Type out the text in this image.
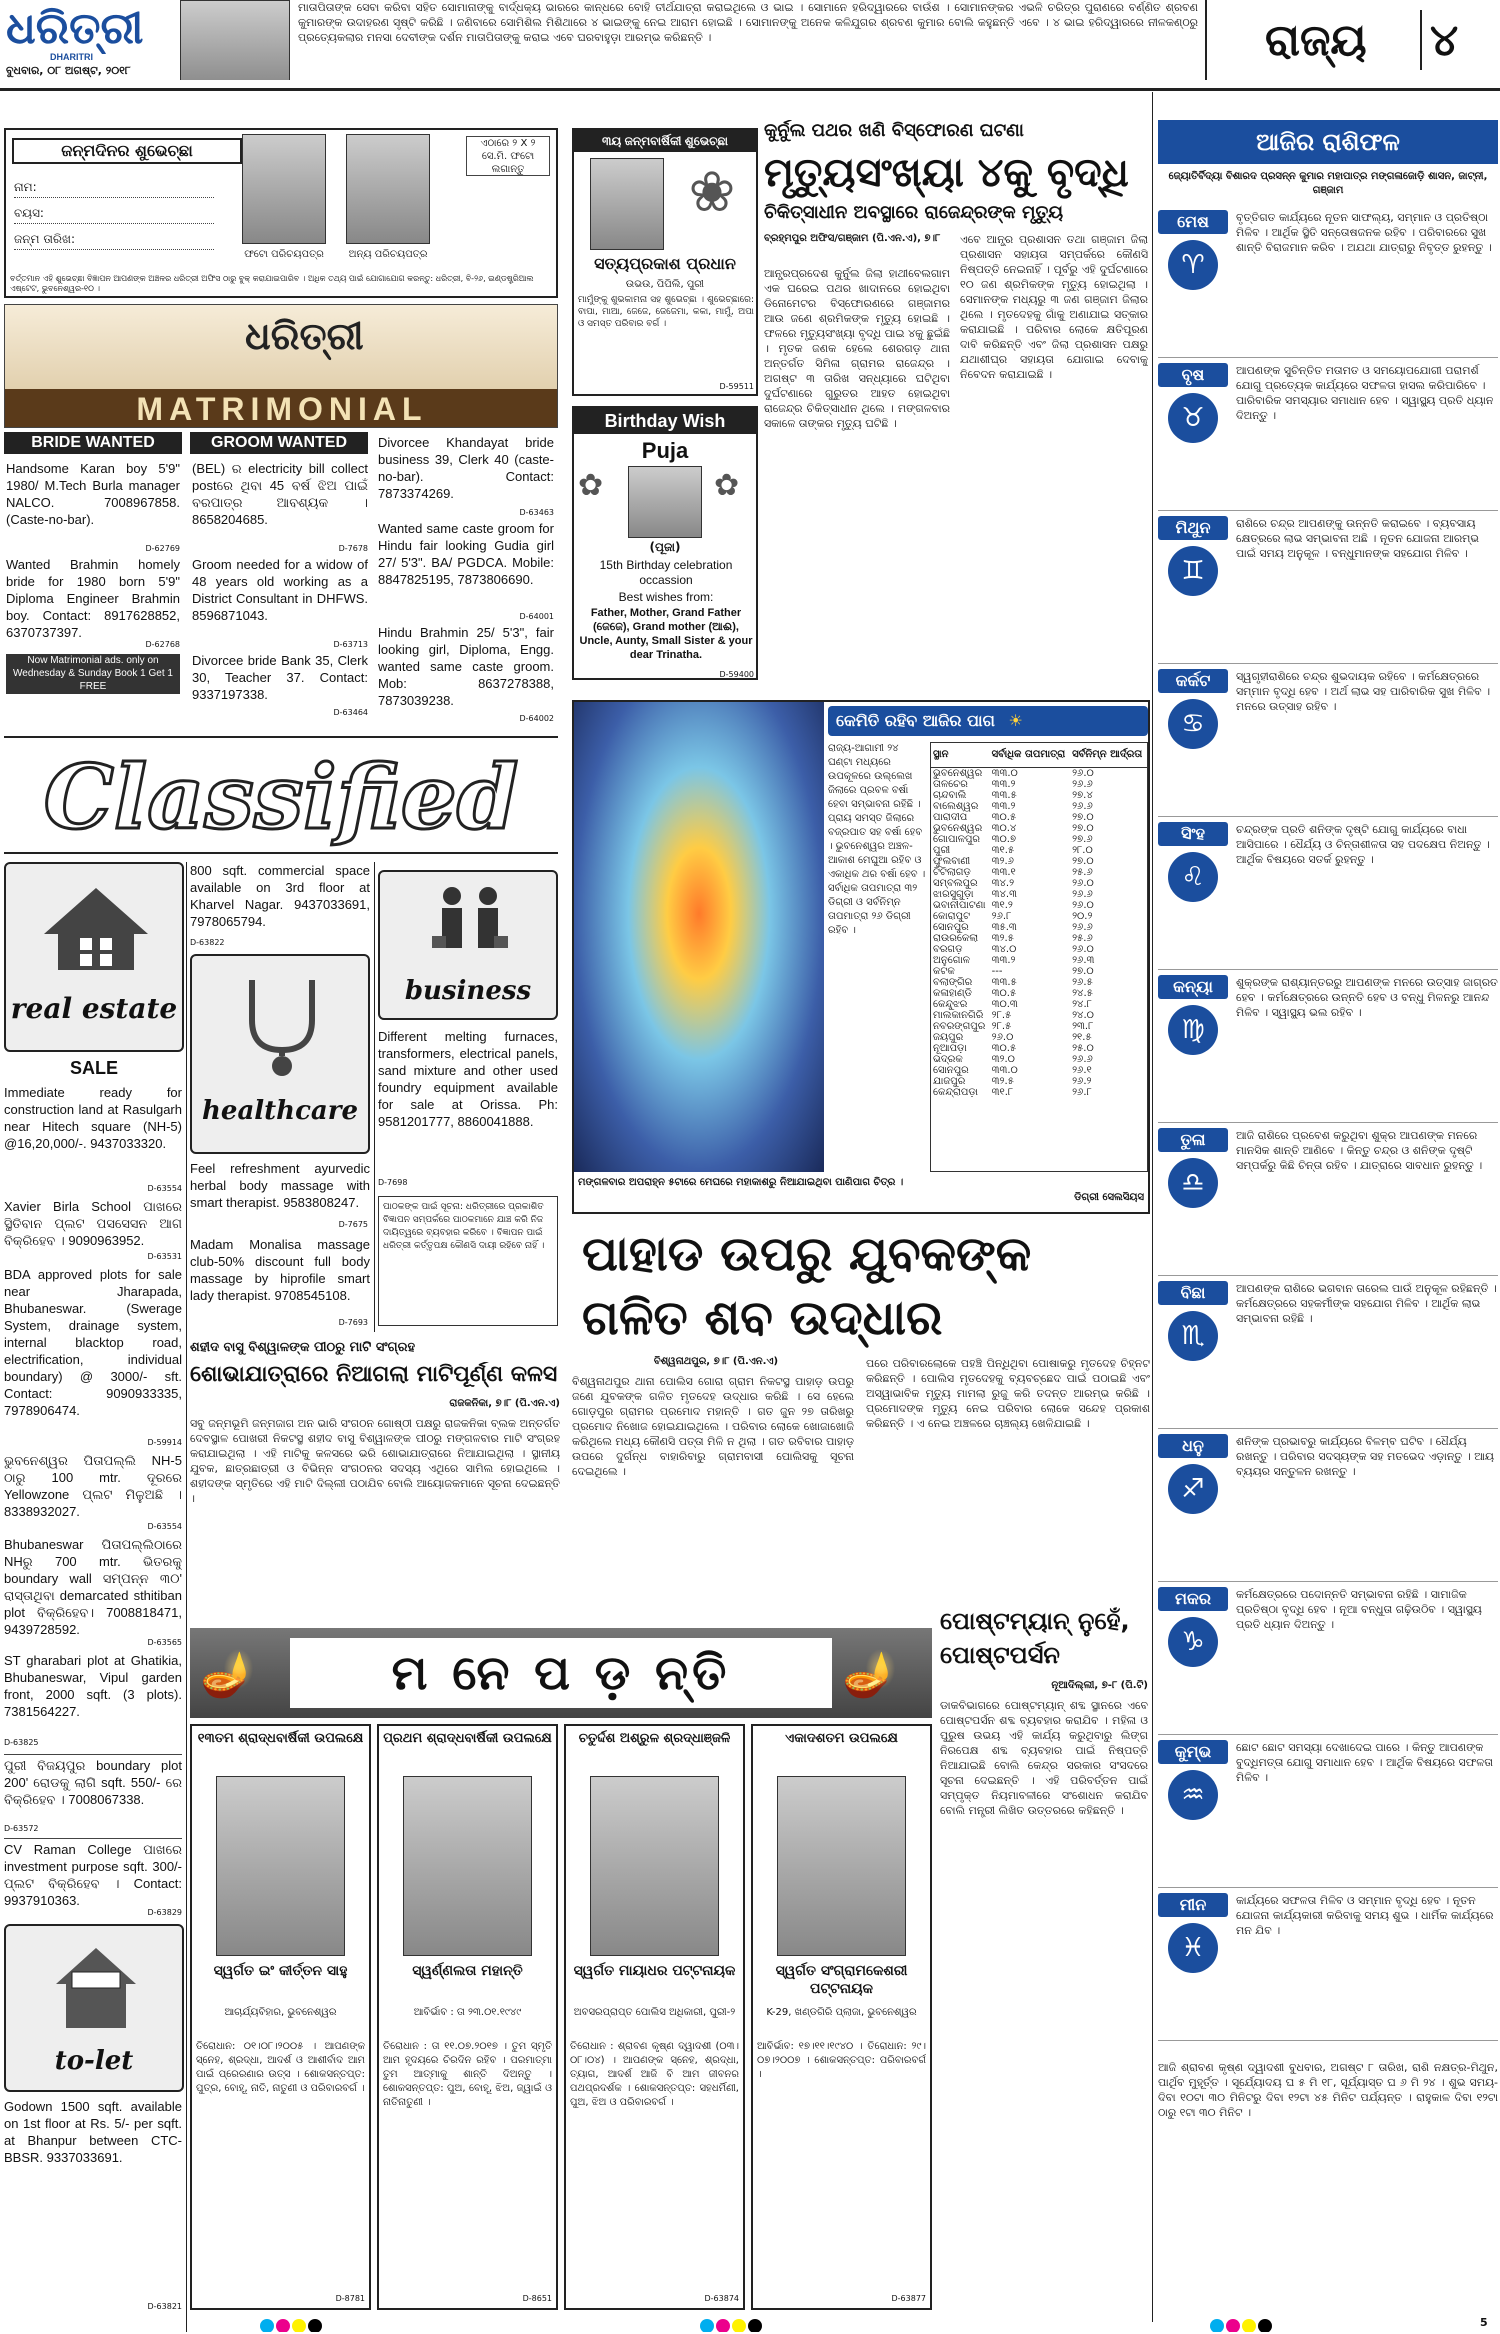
ଧରିତ୍ରୀ
DHARITRI
ବୁଧବାର, ୦୮ ଅଗଷ୍ଟ, ୨୦୧୮
ମାତାପିତାଙ୍କ ସେବା କରିବା ସହିତ ସୋମାନାଙ୍କୁ ବାର୍ଦ୍ଧକ୍ୟ ଭାରରେ କାନ୍ଧରେ ବୋହି ତୀର୍ଥଯାତ୍ରା କରାଇଥିଲେ ଓ ଭାଇ । ସୋମାନେ ହରିଦ୍ୱାରରେ ବାଉଁଶ । ସୋମାନଙ୍କର ଏଭଳି ଚରିତ୍ର ପୁରାଣରେ ବର୍ଣ୍ଣିତ ଶ୍ରବଣ କୁମାରଙ୍କ ଉଦାହରଣ ସୃଷ୍ଟି କରିଛି । ଜଣିବାରେ ସୋମିଶିଲ ମିଶିଥାରେ ୪ ଭାଇଙ୍କୁ ନେଇ ଆରାମ ହୋଇଛି । ସୋମାନଙ୍କୁ ଅନେକ କଳିଯୁଗର ଶ୍ରବଣ କୁମାର ବୋଲି କହୁଛନ୍ତି ଏବେ । ୪ ଭାଇ ହରିଦ୍ୱାରରେ ନୀଳକଣ୍ଠରୁ ପ୍ରତ୍ୟେକଲାର ମନସା ଦେବୀଙ୍କ ଦର୍ଶନ ମାତାପିତାଙ୍କୁ କରାଇ ଏବେ ଘରବାହୁଡ଼ା ଆରମ୍ଭ କରିଛନ୍ତି ।	ରାଜ୍ୟ	୪
ଜନ୍ମଦିନର ଶୁଭେଚ୍ଛା
ନାମ:
ବୟସ:
ଜନ୍ମ ତାରିଖ:
ଫଟୋ ପରିଚୟପତ୍ର ଅନ୍ୟ ପରିଚୟପତ୍ର
ଏଠାରେ ୨ X ୨ ସେ.ମି. ଫଟୋ ଲଗାନ୍ତୁ
ବର୍ତ୍ତମାନ ଏହି ଶୁଭେଚ୍ଛା ବିଜ୍ଞାପନ ଆପଣଙ୍କ ଅଞ୍ଚଳର ଧରିତ୍ରୀ ଅଫିସ ଠାରୁ ବୁକ୍ କରାଯାଇପାରିବ । ଅଧିକ ତଥ୍ୟ ପାଇଁ ଯୋଗାଯୋଗ କରନ୍ତୁ: ଧରିତ୍ରୀ, ବି-୨୬, ଇଣ୍ଡଷ୍ଟ୍ରିଆଲ ଏଷ୍ଟେଟ, ଭୁବନେଶ୍ୱର-୧୦ ।
ଧରିତ୍ରୀ
MATRIMONIAL
BRIDE WANTED	GROOM WANTED
Handsome Karan boy 5'9" 1980/ M.Tech Burla manager NALCO. 7008967858. (Caste-no-bar).
D-62769
Wanted Brahmin homely bride for 1980 born 5'9" Diploma Engineer Brahmin boy. Contact: 8917628852, 6370737397.
D-62768
Now Matrimonial ads. only on Wednesday & Sunday Book 1 Get 1 FREE
(BEL) ର electricity bill collect postରେ ଥିବା 45 ବର୍ଷ ଝିଅ ପାଇଁ ବରପାତ୍ର ଆବଶ୍ୟକ । 8658204685.
D-7678
Groom needed for a widow of 48 years old working as a District Consultant in DHFWS. 8596871043.
D-63713
Divorcee bride Bank 35, Clerk 30, Teacher 37. Contact: 9337197338.
D-63464
Divorcee Khandayat bride business 39, Clerk 40 (caste-no-bar). Contact: 7873374269.
D-63463
Wanted same caste groom for Hindu fair looking Gudia girl 27/ 5'3". BA/ PGDCA. Mobile: 8847825195, 7873806690.
D-64001
Hindu Brahmin 25/ 5'3", fair looking girl, Diploma, Engg. wanted same caste groom. Mob: 8637278388, 7873039238.
D-64002
Classified
real estate
SALE
Immediate ready for construction land at Rasulgarh near Hitech square (NH-5) @16,20,000/-. 9437033320.
D-63554
Xavier Birla School ପାଖରେ ସ୍ଥିତିବାନ ପ୍ଲଟ ପସସେସନ ଆଗ ବିକ୍ରିହେବ । 9090963952.
D-63531
BDA approved plots for sale near Jharapada, Bhubaneswar. (Swerage System, drainage system, internal blacktop road, electrification, individual boundary) @ 3000/- sft. Contact: 9090933335, 7978906474.
D-59914
ଭୁବନେଶ୍ୱର ପିତାପଲ୍ଲି NH-5 ଠାରୁ 100 mtr. ଦୂରରେ Yellowzone ପ୍ଲଟ ମିଳୁଅଛି । 8338932027.
D-63554
Bhubaneswar ପିତାପଲ୍ଲିଠାରେ NHରୁ 700 mtr. ଭିତରକୁ boundary wall ସମ୍ପନ୍ନ ୩୦' ରାସ୍ତାଥିବା demarcated sthitiban plot ବିକ୍ରିହେବ। 7008818471, 9439728592.
D-63565
ST gharabari plot at Ghatikia, Bhubaneswar, Vipul garden front, 2000 sqft. (3 plots). 7381564227.
D-63825
ପୁରୀ ବିଜୟପୁର boundary plot 200' ରୋଡକୁ ଲାଗି sqft. 550/- ରେ ବିକ୍ରିହେବ । 7008067338.
D-63572
CV Raman College ପାଖରେ investment purpose sqft. 300/- ପ୍ଲଟ ବିକ୍ରିହେବ । Contact: 9937910363.
D-63829
to-let
Godown 1500 sqft. available on 1st floor at Rs. 5/- per sqft. at Bhanpur between CTC-BBSR. 9337033691.
D-63821
800 sqft. commercial space available on 3rd floor at Kharvel Nagar. 9437033691, 7978065794.
D-63822
healthcare
Feel refreshment ayurvedic herbal body massage with smart therapist. 9583808247.
D-7675
Madam Monalisa massage club-50% discount full body massage by hiprofile smart lady therapist. 9708545108.
D-7693
business
Different melting furnaces, transformers, electrical panels, sand mixture and other used foundry equipment available for sale at Orissa. Ph: 9581201777, 8860041888.
D-7698
ପାଠକଙ୍କ ପାଇଁ ସୂଚନା: ଧରିତ୍ରୀରେ ପ୍ରକାଶିତ ବିଜ୍ଞାପନ ସମ୍ପର୍କରେ ପାଠକମାନେ ଯାଞ୍ଚ କରି ନିଜ ଦାୟିତ୍ୱରେ ବ୍ୟବହାର କରିବେ । ବିଜ୍ଞାପନ ପାଇଁ ଧରିତ୍ରୀ କର୍ତ୍ତୃପକ୍ଷ କୌଣସି ଦାୟୀ ରହିବେ ନାହିଁ ।
ଶହୀଦ ବାସୁ ବିଶ୍ୱାଳଙ୍କ ପୀଠରୁ ମାଟି ସଂଗ୍ରହ
ଶୋଭାଯାତ୍ରାରେ ନିଆଗଲା ମାଟିପୂର୍ଣ୍ଣ କଳସ
ରାଜକନିକା, ୭।୮ (ପି.ଏନ.ଏ)
ସବୁ ଜନ୍ମଭୂମି ଜନ୍ମଜାଗ ଅନ ଭାରି ସଂଗଠନ ଗୋଷ୍ଠୀ ପକ୍ଷରୁ ରାଜକନିକା ବ୍ଲକ ଅନ୍ତର୍ଗତ ଦେବସ୍ଥାଳ ପୋଖରୀ ନିକଟସ୍ଥ ଶହୀଦ ବାସୁ ବିଶ୍ୱାଳଙ୍କ ପୀଠରୁ ମଙ୍ଗଳବାର ମାଟି ସଂଗ୍ରହ କରାଯାଇଥିଲା । ଏହି ମାଟିକୁ କଳସରେ ଭରି ଶୋଭାଯାତ୍ରାରେ ନିଆଯାଇଥିଲା । ସ୍ଥାନୀୟ ଯୁବକ, ଛାତ୍ରଛାତ୍ରୀ ଓ ବିଭିନ୍ନ ସଂଗଠନର ସଦସ୍ୟ ଏଥିରେ ସାମିଲ ହୋଇଥିଲେ । ଶହୀଦଙ୍କ ସ୍ମୃତିରେ ଏହି ମାଟି ଦିଲ୍ଲୀ ପଠାଯିବ ବୋଲି ଆୟୋଜକମାନେ ସୂଚନା ଦେଇଛନ୍ତି ।
୩ୟ ଜନ୍ମବାର୍ଷିକୀ ଶୁଭେଚ୍ଛା
❀
ସତ୍ୟପ୍ରକାଶ ପ୍ରଧାନ
ଉଭଉ, ପିପିଲି, ପୁରୀ
ମାମୁଁଙ୍କୁ ଶୁଭକାମନା ସହ ଶୁଭେଚ୍ଛା । ଶୁଭେଚ୍ଛାରେ: ବାପା, ମାଆ, ଜେଜେ, ଜେଜେମା, କକା, ମାମୁଁ, ଅପା ଓ ସମସ୍ତ ପରିବାର ବର୍ଗ ।
D-59511
Birthday Wish
Puja
✿	✿
(ପୂଜା)
15th Birthday celebration occassion
Best wishes from:
Father, Mother, Grand Father (ଜେଜେ), Grand mother (ଆଈ), Uncle, Aunty, Small Sister & your dear Trinatha.
D-59400
କୁର୍ନୁଲ ପଥର ଖଣି ବିସ୍ଫୋରଣ ଘଟଣା
ମୃତ୍ୟୁସଂଖ୍ୟା ୪କୁ ବୃଦ୍ଧି
ଚିକିତ୍ସାଧୀନ ଅବସ୍ଥାରେ ରାଜେନ୍ଦ୍ରଙ୍କ ମୃତ୍ୟୁ
ବ୍ରହ୍ମପୁର ଅଫିସ/ଗଞ୍ଜାମ (ପି.ଏନ.ଏ), ୭।୮
ଆନ୍ଧ୍ରପ୍ରଦେଶ କୁର୍ନୁଲ ଜିଲା ହାଥୀବେଲଗାମ ଏକ ଘରେଇ ପଥର ଖାଦାନରେ ହୋଇଥିବା ଡିନୋମେଟର ବିସ୍ଫୋରଣରେ ଗଞ୍ଜାମର ଆଉ ଜଣେ ଶ୍ରମିକଙ୍କ ମୃତ୍ୟୁ ହୋଇଛି । ଫଳରେ ମୃତ୍ୟୁସଂଖ୍ୟା ବୃଦ୍ଧି ପାଇ ୪କୁ ଛୁଇଁଛି । ମୃତକ ଜଣକ ହେଲେ ଶେରଗଡ଼ ଥାନା ଅନ୍ତର୍ଗତ ସିମିଳା ଗ୍ରାମର ରାଜେନ୍ଦ୍ର । ଅଗଷ୍ଟ ୩ ତାରିଖ ସନ୍ଧ୍ୟାରେ ଘଟିଥିବା ଦୁର୍ଘଟଣାରେ ଗୁରୁତର ଆହତ ହୋଇଥିବା ରାଜେନ୍ଦ୍ର ଚିକିତ୍ସାଧୀନ ଥିଲେ । ମଙ୍ଗଳବାର ସକାଳେ ତାଙ୍କର ମୃତ୍ୟୁ ଘଟିଛି ।
ଏବେ ଆନ୍ଧ୍ର ପ୍ରଶାସନ ତଥା ଗଞ୍ଜାମ ଜିଲା ପ୍ରଶାସନ ସହାୟତା ସମ୍ପର୍କରେ କୌଣସି ନିଷ୍ପତ୍ତି ନେଇନାହିଁ । ପୂର୍ବରୁ ଏହି ଦୁର୍ଘଟଣାରେ ୧୦ ଜଣ ଶ୍ରମିକଙ୍କ ମୃତ୍ୟୁ ହୋଇଥିଲା । ସେମାନଙ୍କ ମଧ୍ୟରୁ ୩ ଜଣ ଗଞ୍ଜାମ ଜିଲାର ଥିଲେ । ମୃତଦେହକୁ ଗାଁକୁ ଅଣାଯାଇ ସତ୍କାର କରାଯାଇଛି । ପରିବାର ଲୋକେ କ୍ଷତିପୂରଣ ଦାବି କରିଛନ୍ତି ଏବଂ ଜିଲା ପ୍ରଶାସନ ପକ୍ଷରୁ ଯଥାଶୀଘ୍ର ସହାୟତା ଯୋଗାଇ ଦେବାକୁ ନିବେଦନ କରାଯାଇଛି ।
କେମିତି ରହିବ ଆଜିର ପାଗ ☀
ରାଜ୍ୟ-ଆଗାମୀ ୨୪ ଘଣ୍ଟା ମଧ୍ୟରେ ଉପକୂଳରେ ଉଲ୍ଲେଖ ଜିଲାରେ ପ୍ରବଳ ବର୍ଷା ହେବା ସମ୍ଭାବନା ରହିଛି । ପ୍ରାୟ ସମସ୍ତ ଜିଲାରେ ବଜ୍ରପାତ ସହ ବର୍ଷା ହେବ । ଭୁବନେଶ୍ୱର ଅଞ୍ଚଳ- ଆକାଶ ମେଘୁଆ ରହିବ ଓ ଏକାଧିକ ଥର ବର୍ଷା ହେବ । ସର୍ବାଧିକ ତାପମାତ୍ରା ୩୨ ଡିଗ୍ରୀ ଓ ସର୍ବନିମ୍ନ ତାପମାତ୍ରା ୨୬ ଡିଗ୍ରୀ ରହିବ ।
ସ୍ଥାନ	ସର୍ବାଧିକ ତାପମାତ୍ରା	ସର୍ବନିମ୍ନ ଆର୍ଦ୍ରତା
ଭୁବନେଶ୍ୱର	୩୩.୦	୨୬.୦
ତାଳଚେର	୩୩.୨	୨୬.୬
ଚାନ୍ଦବାଲି	୩୩.୫	୨୭.୪
ବାଲେଶ୍ୱର	୩୩.୨	୨୬.୬
ପାରାଦୀପ	୩୦.୫	୨୭.୦
ଭୁବନେଶ୍ୱର	୩୦.୪	୨୭.୦
ଗୋପାଳପୁର	୩୦.୭	୨୭.୬
ପୁରୀ	୩୧.୫	୨୮.୦
ଫୁଲବାଣୀ	୩୨.୬	୨୭.୦
ଟିଟିଲାଗଡ଼	୩୩.୧	୨୫.୬
ସମ୍ବଲପୁର	୩୪.୨	୨୬.୦
ଝାରସୁଗୁଡ଼ା	୩୪.୩	୨୬.୬
ଭବାନୀପାଟଣା	୩୧.୨	୨୬.୦
କୋରାପୁଟ	୨୬.୮	୨୦.୨
ସୋନପୁର	୩୫.୩	୨୬.୬
ରାଉରକେଲା	୩୨.୫	୨୫.୬
ବରଗଡ଼	୩୪.୦	୨୬.୦
ଅନୁଗୋଳ	୩୩.୨	୨୬.୩
କଟକ	---	୨୭.୦
ବଲାଙ୍ଗିର	୩୩.୫	୨୬.୫
କଳାହାଣ୍ଡି	୩୦.୫	୨୪.୫
କେନ୍ଦୁଝର	୩୦.୩	୨୪.୮
ମାଲକାନଗିରି	୨୮.୫	୨୪.୦
ନବରଙ୍ଗପୁର	୨୮.୫	୨୩.୮
ଜୟପୁର	୨୬.୦	୨୧.୫
ନୂଆପଡ଼ା	୩୦.୫	୨୫.୦
ଭଦ୍ରକ	୩୨.୦	୨୬.୬
ସୋନପୁର	୩୩.୦	୨୬.୧
ଯାଜପୁର	୩୨.୫	୨୬.୨
କେନ୍ଦ୍ରାପଡ଼ା	୩୧.୮	୨୬.୮
ମଙ୍ଗଳବାର ଅପରାହ୍ନ ୫ଟାରେ ମେଘରେ ମହାକାଶରୁ ନିଆଯାଇଥିବା ପାଣିପାଗ ଚିତ୍ର ।
ଡିଗ୍ରୀ ସେଲସିୟସ
ପାହାଡ ଉପରୁ ଯୁବକଙ୍କ
ଗଳିତ ଶବ ଉଦ୍ଧାର
ବିଶ୍ୱନାଥପୁର, ୭।୮ (ପି.ଏନ.ଏ)
ବିଶ୍ୱନାଥପୁର ଥାନା ପୋଲିସ ଗୋରା ଗ୍ରାମ ନିକଟସ୍ଥ ପାହାଡ଼ ଉପରୁ ଜଣେ ଯୁବକଙ୍କ ଗଳିତ ମୃତଦେହ ଉଦ୍ଧାର କରିଛି । ସେ ହେଲେ ଗୋଡ଼ପୁର ଗ୍ରାମର ପ୍ରମୋଦ ମହାନ୍ତି । ଗତ ଜୁନ ୨୭ ତାରିଖରୁ ପ୍ରମୋଦ ନିଖୋଜ ହୋଇଯାଇଥିଲେ । ପରିବାର ଲୋକେ ଖୋଜାଖୋଜି କରିଥିଲେ ମଧ୍ୟ କୌଣସି ପତ୍ତା ମିଳି ନ ଥିଲା । ଗତ ରବିବାର ପାହାଡ଼ ଉପରେ ଦୁର୍ଗନ୍ଧ ବାହାରିବାରୁ ଗ୍ରାମବାସୀ ପୋଲିସକୁ ସୂଚନା ଦେଇଥିଲେ ।
ପରେ ପରିବାରଲୋକେ ପହଞ୍ଚି ପିନ୍ଧିଥିବା ପୋଷାକରୁ ମୃତଦେହ ଚିହ୍ନଟ କରିଛନ୍ତି । ପୋଲିସ ମୃତଦେହକୁ ବ୍ୟବଚ୍ଛେଦ ପାଇଁ ପଠାଇଛି ଏବଂ ଅସ୍ୱାଭାବିକ ମୃତ୍ୟୁ ମାମଲା ରୁଜୁ କରି ତଦନ୍ତ ଆରମ୍ଭ କରିଛି । ପ୍ରମୋଦଙ୍କ ମୃତ୍ୟୁ ନେଇ ପରିବାର ଲୋକେ ସନ୍ଦେହ ପ୍ରକାଶ କରିଛନ୍ତି । ଏ ନେଇ ଅଞ୍ଚଳରେ ଚାଞ୍ଚଲ୍ୟ ଖେଳିଯାଇଛି ।
ପୋଷ୍ଟମ୍ୟାନ୍ ନୁହେଁ, ପୋଷ୍ଟପର୍ସନ
ନୂଆଦିଲ୍ଲୀ, ୭-୮ (ପି.ଟି)
ଡାକବିଭାଗରେ ପୋଷ୍ଟମ୍ୟାନ୍ ଶବ୍ଦ ସ୍ଥାନରେ ଏବେ ପୋଷ୍ଟପର୍ସନ ଶବ୍ଦ ବ୍ୟବହାର କରାଯିବ । ମହିଳା ଓ ପୁରୁଷ ଉଭୟ ଏହି କାର୍ଯ୍ୟ କରୁଥିବାରୁ ଲିଙ୍ଗ ନିରପେକ୍ଷ ଶବ୍ଦ ବ୍ୟବହାର ପାଇଁ ନିଷ୍ପତ୍ତି ନିଆଯାଇଛି ବୋଲି କେନ୍ଦ୍ର ସରକାର ସଂସଦରେ ସୂଚନା ଦେଇଛନ୍ତି । ଏହି ପରିବର୍ତ୍ତନ ପାଇଁ ସମ୍ପୃକ୍ତ ନିୟମାବଳୀରେ ସଂଶୋଧନ କରାଯିବ ବୋଲି ମନ୍ତ୍ରୀ ଲିଖିତ ଉତ୍ତରରେ କହିଛନ୍ତି ।
🪔	ମ ନେ ପ ଡ଼ ନ୍ତି	🪔
୧୩ତମ ଶ୍ରାଦ୍ଧବାର୍ଷିକୀ ଉପଲକ୍ଷେ
ସ୍ୱର୍ଗତ ଇଂ କୀର୍ତ୍ତନ ସାହୁ
ଆଚାର୍ଯ୍ୟବିହାର, ଭୁବନେଶ୍ୱର
ତିରୋଧାନ: ୦୧।୦୮।୨୦୦୫ । ଆପଣଙ୍କ ସ୍ନେହ, ଶ୍ରଦ୍ଧା, ଆଦର୍ଶ ଓ ଆଶୀର୍ବାଦ ଆମ ପାଇଁ ପ୍ରେରଣାର ଉତ୍ସ । ଶୋକସନ୍ତପ୍ତ: ପୁତ୍ର, ବୋହୂ, ନାତି, ନାତୁଣୀ ଓ ପରିବାରବର୍ଗ ।
D-8781
ପ୍ରଥମ ଶ୍ରାଦ୍ଧବାର୍ଷିକୀ ଉପଲକ୍ଷେ
ସ୍ୱର୍ଣ୍ଣଲତା ମହାନ୍ତି
ଆବିର୍ଭାବ : ତା ୨୩.୦୧.୧୯୪୯
ତିରୋଧାନ : ତା ୧୧.୦୭.୨୦୧୭ । ତୁମ ସ୍ମୃତି ଆମ ହୃଦୟରେ ଚିରଦିନ ରହିବ । ପରମାତ୍ମା ତୁମ ଆତ୍ମାକୁ ଶାନ୍ତି ଦିଅନ୍ତୁ । ଶୋକସନ୍ତପ୍ତ: ପୁଅ, ବୋହୂ, ଝିଅ, ଜ୍ୱାଇଁ ଓ ନାତିନାତୁଣୀ ।
D-8651
ଚତୁର୍ଦ୍ଦଶ ଅଶ୍ରୁଳ ଶ୍ରଦ୍ଧାଞ୍ଜଳି
ସ୍ୱର୍ଗତ ମାୟାଧର ପଟ୍ଟନାୟକ
ଅବସରପ୍ରାପ୍ତ ପୋଲିସ ଅଧିକାରୀ, ପୁରୀ-୨
ତିରୋଧାନ : ଶ୍ରାବଣ କୃଷ୍ଣ ଦ୍ୱାଦଶୀ (୦୩।୦୮।୦୪) । ଆପଣଙ୍କ ସ୍ନେହ, ଶ୍ରଦ୍ଧା, ତ୍ୟାଗ, ଆଦର୍ଶ ଆଜି ବି ଆମ ଜୀବନର ପଥପ୍ରଦର୍ଶକ । ଶୋକସନ୍ତପ୍ତ: ସହଧର୍ମିଣୀ, ପୁଅ, ଝିଅ ଓ ପରିବାରବର୍ଗ ।
D-63874
ଏକାଦଶତମ ଉପଲକ୍ଷେ
ସ୍ୱର୍ଗତ ସଂଗ୍ରାମକେଶରୀ ପଟ୍ଟନାୟକ
K-29, ଖଣ୍ଡଗିରି ପ୍ଲାଜା, ଭୁବନେଶ୍ୱର
ଆବିର୍ଭାବ: ୧୭।୧୧।୧୯୪୦ । ତିରୋଧାନ: ୨୯।୦୭।୨୦୦୭ । ଶୋକସନ୍ତପ୍ତ: ପରିବାରବର୍ଗ ।
D-63877
ଆଜିର ରାଶିଫଳ
ଜ୍ୟୋତିର୍ବିଦ୍ୟା ବିଶାରଦ ପ୍ରସନ୍ନ କୁମାର ମହାପାତ୍ର ମଙ୍ଗଳାଜୋଡ଼ି ଶାସନ, ଜାଟ୍ନୀ, ଗଞ୍ଜାମ
ମେଷ
♈
ବୃତ୍ତିଗତ କାର୍ଯ୍ୟରେ ନୂତନ ସାଫଲ୍ୟ, ସମ୍ମାନ ଓ ପ୍ରତିଷ୍ଠା ମିଳିବ । ଆର୍ଥିକ ସ୍ଥିତି ସନ୍ତୋଷଜନକ ରହିବ । ପରିବାରରେ ସୁଖ ଶାନ୍ତି ବିରାଜମାନ କରିବ । ଅଯଥା ଯାତ୍ରାରୁ ନିବୃତ୍ତ ରୁହନ୍ତୁ ।
ବୃଷ
♉
ଆପଣଙ୍କ ସୁଚିନ୍ତିତ ମତାମତ ଓ ସମୟୋପଯୋଗୀ ପରାମର୍ଶ ଯୋଗୁ ପ୍ରତ୍ୟେକ କାର୍ଯ୍ୟରେ ସଫଳତା ହାସଲ କରିପାରିବେ । ପାରିବାରିକ ସମସ୍ୟାର ସମାଧାନ ହେବ । ସ୍ୱାସ୍ଥ୍ୟ ପ୍ରତି ଧ୍ୟାନ ଦିଅନ୍ତୁ ।
ମିଥୁନ
♊
ରାଶିରେ ଚନ୍ଦ୍ର ଆପଣଙ୍କୁ ଉନ୍ନତି କରାଇବେ । ବ୍ୟବସାୟ କ୍ଷେତ୍ରରେ ଲାଭ ସମ୍ଭାବନା ଅଛି । ନୂତନ ଯୋଜନା ଆରମ୍ଭ ପାଇଁ ସମୟ ଅନୁକୂଳ । ବନ୍ଧୁମାନଙ୍କ ସହଯୋଗ ମିଳିବ ।
କର୍କଟ
♋
ସ୍ୱଗୃହୀରାଶିରେ ଚନ୍ଦ୍ର ଶୁଭଦାୟକ ରହିବେ । କର୍ମକ୍ଷେତ୍ରରେ ସମ୍ମାନ ବୃଦ୍ଧି ହେବ । ଅର୍ଥ ଲାଭ ସହ ପାରିବାରିକ ସୁଖ ମିଳିବ । ମନରେ ଉତ୍ସାହ ରହିବ ।
ସିଂହ
♌
ଚନ୍ଦ୍ରଙ୍କ ପ୍ରତି ଶନିଙ୍କ ଦୃଷ୍ଟି ଯୋଗୁ କାର୍ଯ୍ୟରେ ବାଧା ଆସିପାରେ । ଧୈର୍ଯ୍ୟ ଓ ଚିନ୍ତାଶୀଳତା ସହ ପଦକ୍ଷେପ ନିଅନ୍ତୁ । ଆର୍ଥିକ ବିଷୟରେ ସତର୍କ ରୁହନ୍ତୁ ।
କନ୍ୟା
♍
ଶୁକ୍ରଙ୍କ ରାଶ୍ୟାନ୍ତରରୁ ଆପଣଙ୍କ ମନରେ ଉତ୍ସାହ ଜାଗ୍ରତ ହେବ । କର୍ମକ୍ଷେତ୍ରରେ ଉନ୍ନତି ହେବ ଓ ବନ୍ଧୁ ମିଳନରୁ ଆନନ୍ଦ ମିଳିବ । ସ୍ୱାସ୍ଥ୍ୟ ଭଲ ରହିବ ।
ତୁଳା
♎
ଆଜି ରାଶିରେ ପ୍ରବେଶ କରୁଥିବା ଶୁକ୍ର ଆପଣଙ୍କ ମନରେ ମାନସିକ ଶାନ୍ତି ଆଣିବେ । କିନ୍ତୁ ଚନ୍ଦ୍ର ଓ ଶନିଙ୍କ ଦୃଷ୍ଟି ସମ୍ପର୍କରୁ କିଛି ଚିନ୍ତା ରହିବ । ଯାତ୍ରାରେ ସାବଧାନ ରୁହନ୍ତୁ ।
ବିଛା
♏
ଆପଣଙ୍କ ରାଶିରେ ଭଗବାନ ତାରେଲ ପାଉଁ ଅନୁକୂଳ ରହିଛନ୍ତି । କର୍ମକ୍ଷେତ୍ରରେ ସହକର୍ମୀଙ୍କ ସହଯୋଗ ମିଳିବ । ଆର୍ଥିକ ଲାଭ ସମ୍ଭାବନା ରହିଛି ।
ଧନୁ
♐
ଶନିଙ୍କ ପ୍ରଭାବରୁ କାର୍ଯ୍ୟରେ ବିଳମ୍ବ ଘଟିବ । ଧୈର୍ଯ୍ୟ ରଖନ୍ତୁ । ପରିବାର ସଦସ୍ୟଙ୍କ ସହ ମତଭେଦ ଏଡ଼ାନ୍ତୁ । ଆୟ ବ୍ୟୟର ସନ୍ତୁଳନ ରଖନ୍ତୁ ।
ମକର
♑
କର୍ମକ୍ଷେତ୍ରରେ ପଦୋନ୍ନତି ସମ୍ଭାବନା ରହିଛି । ସାମାଜିକ ପ୍ରତିଷ୍ଠା ବୃଦ୍ଧି ହେବ । ନୂଆ ବନ୍ଧୁତା ଗଢ଼ିଉଠିବ । ସ୍ୱାସ୍ଥ୍ୟ ପ୍ରତି ଧ୍ୟାନ ଦିଅନ୍ତୁ ।
କୁମ୍ଭ
♒
ଛୋଟ ଛୋଟ ସମସ୍ୟା ଦେଖାଦେଇ ପାରେ । କିନ୍ତୁ ଆପଣଙ୍କ ବୁଦ୍ଧିମତ୍ତା ଯୋଗୁ ସମାଧାନ ହେବ । ଆର୍ଥିକ ବିଷୟରେ ସଫଳତା ମିଳିବ ।
ମୀନ
♓
କାର୍ଯ୍ୟରେ ସଫଳତା ମିଳିବ ଓ ସମ୍ମାନ ବୃଦ୍ଧି ହେବ । ନୂତନ ଯୋଜନା କାର୍ଯ୍ୟକାରୀ କରିବାକୁ ସମୟ ଶୁଭ । ଧାର୍ମିକ କାର୍ଯ୍ୟରେ ମନ ଯିବ ।
ଆଜି ଶ୍ରାବଣ କୃଷ୍ଣ ଦ୍ୱାଦଶୀ ବୁଧବାର, ଅଗଷ୍ଟ ୮ ତାରିଖ, ରାଶି ନକ୍ଷତ୍ର-ମିଥୁନ, ପାର୍ଥିବ ମୁହୂର୍ତ୍ତ । ସୂର୍ଯ୍ୟୋଦୟ ଘ ୫ ମି ୧୮, ସୂର୍ଯ୍ୟାସ୍ତ ଘ ୬ ମି ୨୪ । ଶୁଭ ସମୟ- ଦିବା ୧୦ଟା ୩୦ ମିନିଟରୁ ଦିବା ୧୨ଟା ୪୫ ମିନିଟ ପର୍ଯ୍ୟନ୍ତ । ରାହୁକାଳ ଦିବା ୧୨ଟା ଠାରୁ ୧ଟା ୩୦ ମିନିଟ ।
5
